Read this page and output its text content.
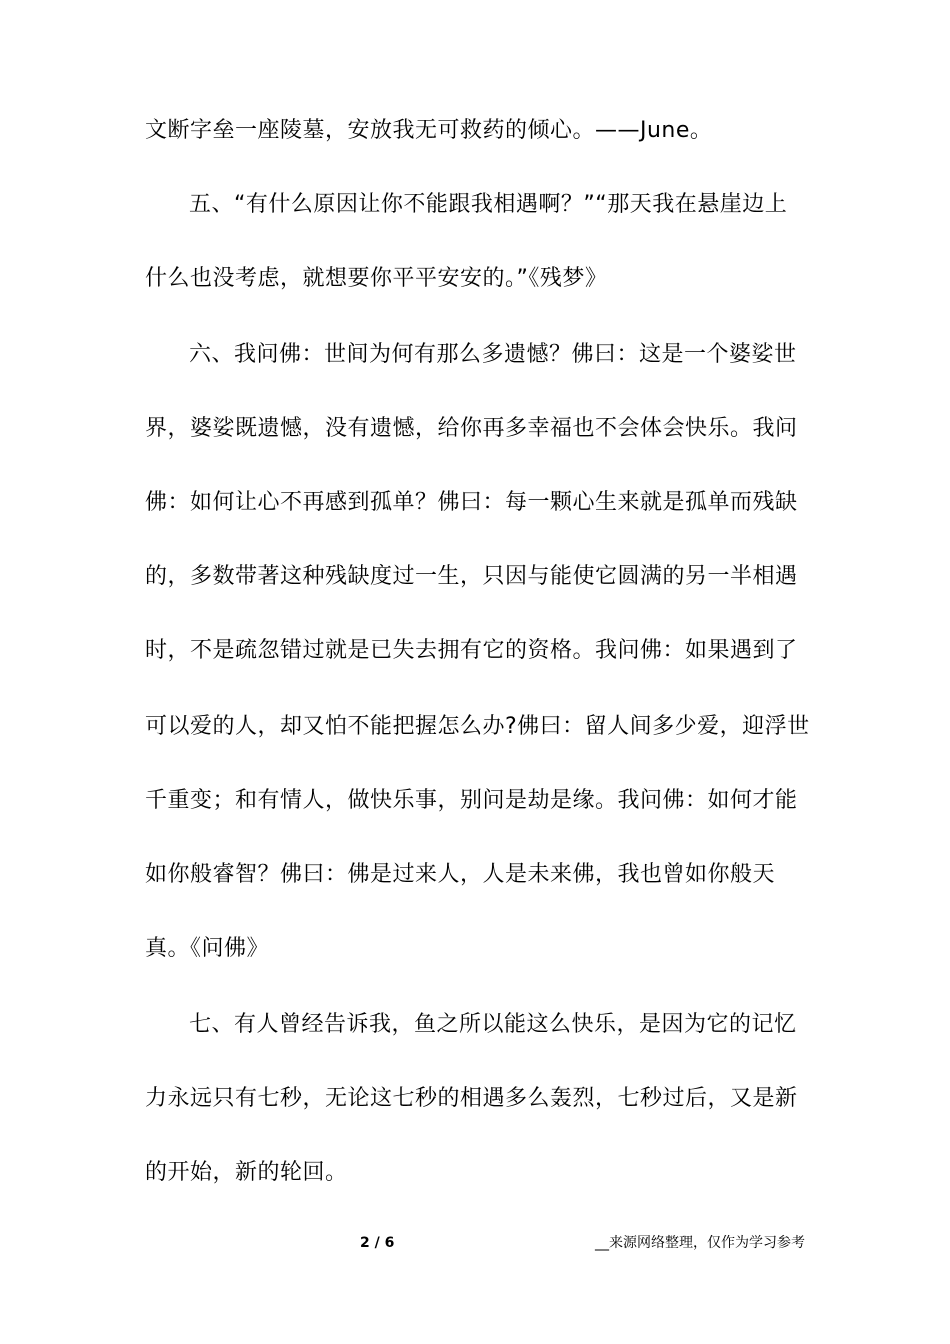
文断字垒一座陵墓，安放我无可救药的倾心。——June。
五、“有什么原因让你不能跟我相遇啊？”“那天我在悬崖边上
什么也没考虑，就想要你平平安安的。”《残梦》
六、我问佛：世间为何有那么多遗憾？佛曰：这是一个婆娑世
界，婆娑既遗憾，没有遗憾，给你再多幸福也不会体会快乐。我问
佛：如何让心不再感到孤单？佛曰：每一颗心生来就是孤单而残缺
的，多数带著这种残缺度过一生，只因与能使它圆满的另一半相遇
时，不是疏忽错过就是已失去拥有它的资格。我问佛：如果遇到了
可以爱的人，却又怕不能把握怎么办?佛曰：留人间多少爱，迎浮世
千重变；和有情人，做快乐事，别问是劫是缘。我问佛：如何才能
如你般睿智？佛曰：佛是过来人，人是未来佛，我也曾如你般天
真。《问佛》
七、有人曾经告诉我，鱼之所以能这么快乐，是因为它的记忆
力永远只有七秒，无论这七秒的相遇多么轰烈，七秒过后，又是新
的开始，新的轮回。
2 / 6	__来源网络整理，仅作为学习参考
